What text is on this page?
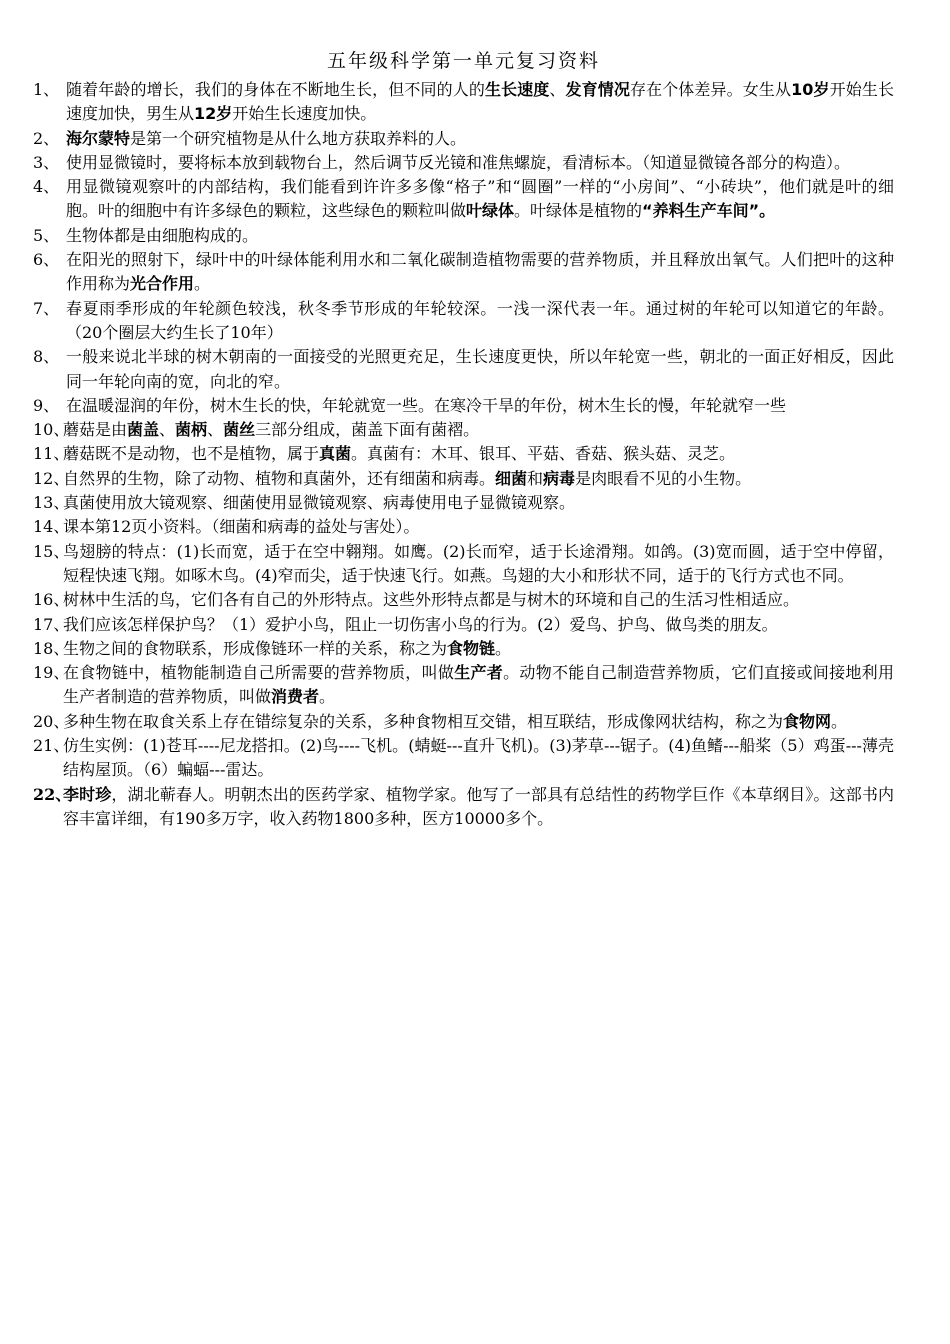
五年级科学第一单元复习资料
1、 随着年龄的增长，我们的身体在不断地生长，但不同的人的生长速度、发育情况存在个体差异。女生从10岁开始生长速度加快，男生从12岁开始生长速度加快。
2、 海尔蒙特是第一个研究植物是从什么地方获取养料的人。
3、 使用显微镜时，要将标本放到载物台上，然后调节反光镜和准焦螺旋，看清标本。（知道显微镜各部分的构造）。
4、 用显微镜观察叶的内部结构，我们能看到许许多多像“格子”和“圆圈”一样的“小房间”、“小砖块”，他们就是叶的细胞。叶的细胞中有许多绿色的颗粒，这些绿色的颗粒叫做叶绿体。叶绿体是植物的“养料生产车间”。
5、 生物体都是由细胞构成的。
6、 在阳光的照射下，绿叶中的叶绿体能利用水和二氧化碳制造植物需要的营养物质，并且释放出氧气。人们把叶的这种作用称为光合作用。
7、 春夏雨季形成的年轮颜色较浅，秋冬季节形成的年轮较深。一浅一深代表一年。通过树的年轮可以知道它的年龄。（20个圈层大约生长了10年）
8、 一般来说北半球的树木朝南的一面接受的光照更充足，生长速度更快，所以年轮宽一些，朝北的一面正好相反，因此同一年轮向南的宽，向北的窄。
9、 在温暖湿润的年份，树木生长的快，年轮就宽一些。在寒冷干旱的年份，树木生长的慢，年轮就窄一些
10、
蘑菇是由菌盖、菌柄、菌丝三部分组成，菌盖下面有菌褶。
11、
蘑菇既不是动物，也不是植物，属于真菌。真菌有：木耳、银耳、平菇、香菇、猴头菇、灵芝。
12、
自然界的生物，除了动物、植物和真菌外，还有细菌和病毒。细菌和病毒是肉眼看不见的小生物。
13、
真菌使用放大镜观察、细菌使用显微镜观察、病毒使用电子显微镜观察。
14、
课本第12页小资料。（细菌和病毒的益处与害处）。
15、
鸟翅膀的特点：(1)长而宽，适于在空中翱翔。如鹰。(2)长而窄，适于长途滑翔。如鸽。(3)宽而圆，适于空中停留，短程快速飞翔。如啄木鸟。(4)窄而尖，适于快速飞行。如燕。鸟翅的大小和形状不同，适于的飞行方式也不同。
16、
树林中生活的鸟，它们各有自己的外形特点。这些外形特点都是与树木的环境和自己的生活习性相适应。
17、
我们应该怎样保护鸟？（1）爱护小鸟，阻止一切伤害小鸟的行为。(2）爱鸟、护鸟、做鸟类的朋友。
18、
生物之间的食物联系，形成像链环一样的关系，称之为食物链。
19、
在食物链中，植物能制造自己所需要的营养物质，叫做生产者。动物不能自己制造营养物质，它们直接或间接地利用生产者制造的营养物质，叫做消费者。
20、
多种生物在取食关系上存在错综复杂的关系，多种食物相互交错，相互联结，形成像网状结构，称之为食物网。
21、
仿生实例：(1)苍耳----尼龙搭扣。(2)鸟----飞机。(蜻蜓---直升飞机)。(3)茅草---锯子。(4)鱼鳍---船桨（5）鸡蛋---薄壳结构屋顶。（6）蝙蝠---雷达。
22、
李时珍，湖北蕲春人。明朝杰出的医药学家、植物学家。他写了一部具有总结性的药物学巨作《本草纲目》。这部书内容丰富详细，有190多万字，收入药物1800多种，医方10000多个。
